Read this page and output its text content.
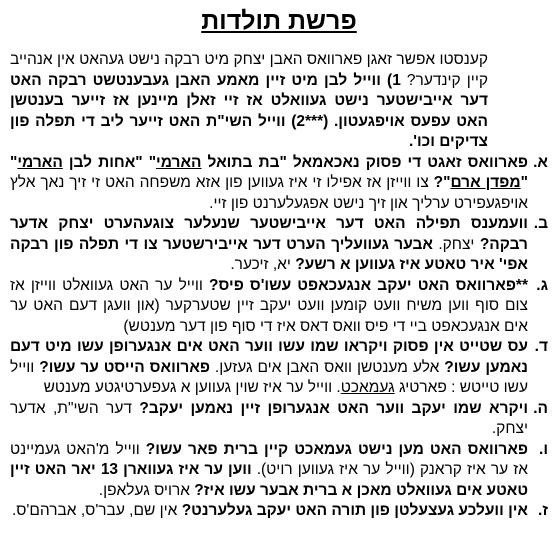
פרשת תולדות

קענסטו אפשר זאגן פארוואס האבן יצחק מיט רבקה נישט געהאט אין אנהייב קיין קינדער? 1) ווייל לבן מיט זיין מאמע האבן געבענטשט רבקה האט דער אייבישטער נישט געוואלט אז זיי זאלן מיינען אז זייער בענטשן האט עפעס אויפגעטון. (***2) ווייל השי"ת האט זייער ליב די תפלה פון צדיקים וכו'.

א.
פארוואס זאגט די פסוק נאכאמאל "בת בתואל הארמי" "אחות לבן הארמי" "מפדן ארם"? צו ווייזן אז אפילו זי איז געווען פון אזא משפחה האט זי זיך נאך אלץ אויפגעפירט ערליך און זיך נישט אפגעלערנט פון זיי.
ב.
וועמענס תפילה האט דער אייבישטער שנעלער צוגעהערט יצחק אדער רבקה? יצחק. אבער געוועליך הערט דער אייבירשטער צו די תפלה פון רבקה אפי' איר טאטע איז געווען א רשע? יא, זיכער.
ג.
**פארוואס האט יעקב אנגעכאפט עשו'ס פיס? ווייל ער האט געוואלט ווייזן אז צום סוף ווען משיח וועט קומען וועט יעקב זיין שטערקער (און וועגן דעם האט ער אים אנגעכאפט ביי די פיס וואס דאס איז די סוף פון דער מענטש)
ד.
עס שטייט אין פסוק ויקראו שמו עשו ווער האט אים אנגערופן עשו מיט דעם נאמען עשו? אלע מענטשן וואס האבן אים געזען. פארוואס הייסט ער עשו? ווייל עשו טייטש : פארטיג געמאכט. ווייל ער איז שוין געווען א געפערטיגטע מענטש
ה.
ויקרא שמו יעקב ווער האט אנגערופן זיין נאמען יעקב? דער השי"ת, אדער יצחק.
ו.
פארוואס האט מען נישט געמאכט קיין ברית פאר עשו? ווייל מ'האט געמיינט אז ער איז קראנק (ווייל ער איז געווען רויט). ווען ער איז געווארן 13 יאר האט זיין טאטע אים געוואלט מאכן א ברית אבער עשו איז? ארויס געלאפן.
ז.
אין וועלכע געצעלטן פון תורה האט יעקב געלערנט? אין שם, עבר'ס, אברהם'ס.
